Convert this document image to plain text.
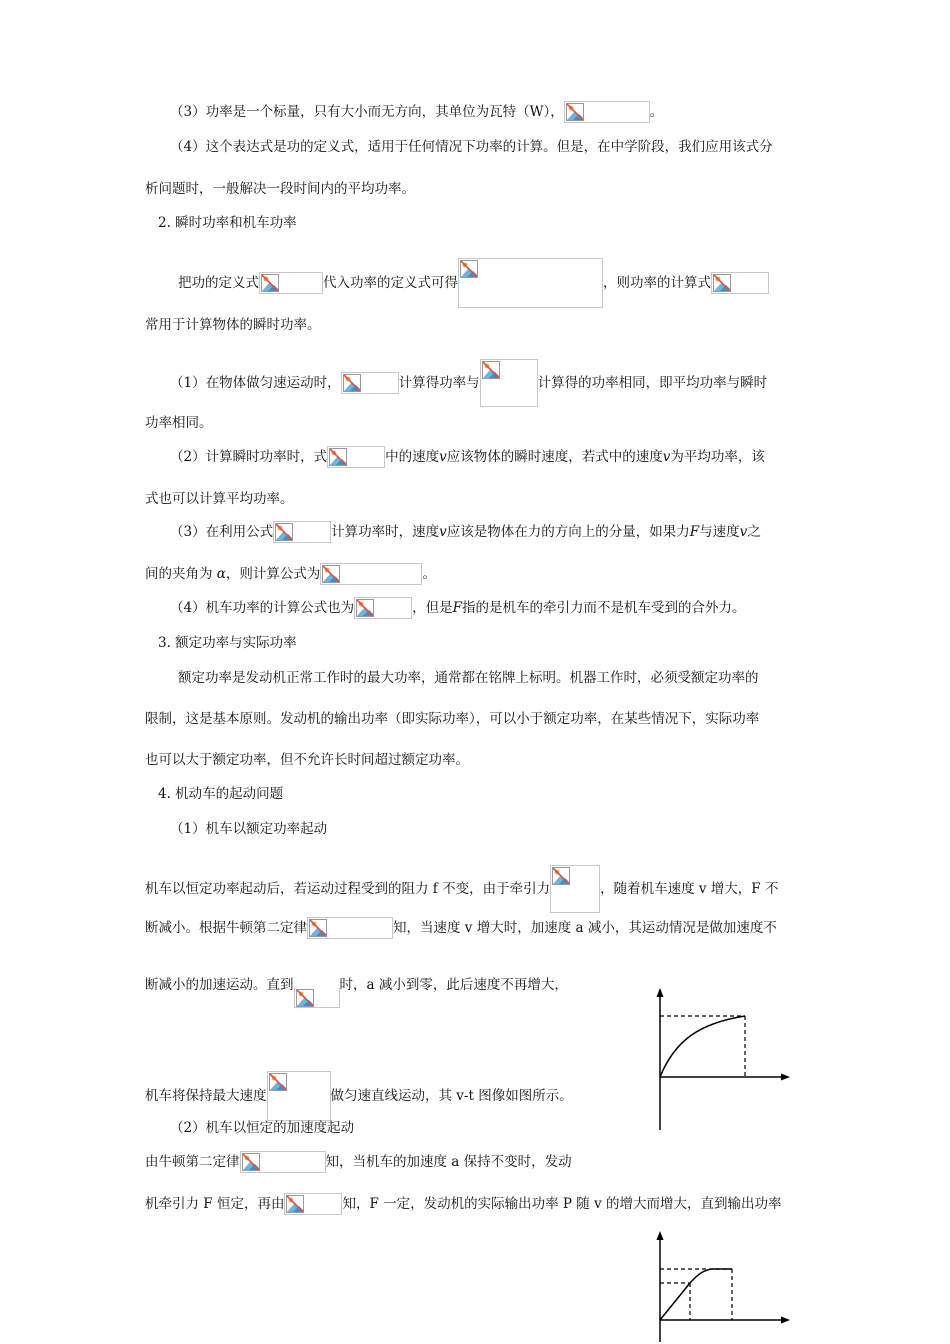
（3）功率是一个标量，只有大小而无方向，其单位为瓦特（W），	。
（4）这个表达式是功的定义式，适用于任何情况下功率的计算。但是，在中学阶段，我们应用该式分
析问题时，一般解决一段时间内的平均功率。
2. 瞬时功率和机车功率
把功的定义式	代入功率的定义式可得	，则功率的计算式
常用于计算物体的瞬时功率。
（1）在物体做匀速运动时，	计算得功率与	计算得的功率相同，即平均功率与瞬时
功率相同。
（2）计算瞬时功率时，式	中的速度v应该物体的瞬时速度，若式中的速度v为平均功率，该
式也可以计算平均功率。
（3）在利用公式	计算功率时，速度v应该是物体在力的方向上的分量，如果力F与速度v之
间的夹角为 α，则计算公式为	。
（4）机车功率的计算公式也为	，但是F指的是机车的牵引力而不是机车受到的合外力。
3. 额定功率与实际功率
额定功率是发动机正常工作时的最大功率，通常都在铭牌上标明。机器工作时，必须受额定功率的
限制，这是基本原则。发动机的输出功率（即实际功率），可以小于额定功率，在某些情况下，实际功率
也可以大于额定功率，但不允许长时间超过额定功率。
4. 机动车的起动问题
（1）机车以额定功率起动
机车以恒定功率起动后，若运动过程受到的阻力 f 不变，由于牵引力	，随着机车速度 v 增大，F 不
断减小。根据牛顿第二定律	知，当速度 v 增大时，加速度 a 减小，其运动情况是做加速度不
断减小的加速运动。直到	时，a 减小到零，此后速度不再增大，
机车将保持最大速度	做匀速直线运动，其 v-t 图像如图所示。
（2）机车以恒定的加速度起动
由牛顿第二定律	知，当机车的加速度 a 保持不变时，发动
机牵引力 F 恒定，再由	知，F 一定，发动机的实际输出功率 P 随 v 的增大而增大，直到输出功率
